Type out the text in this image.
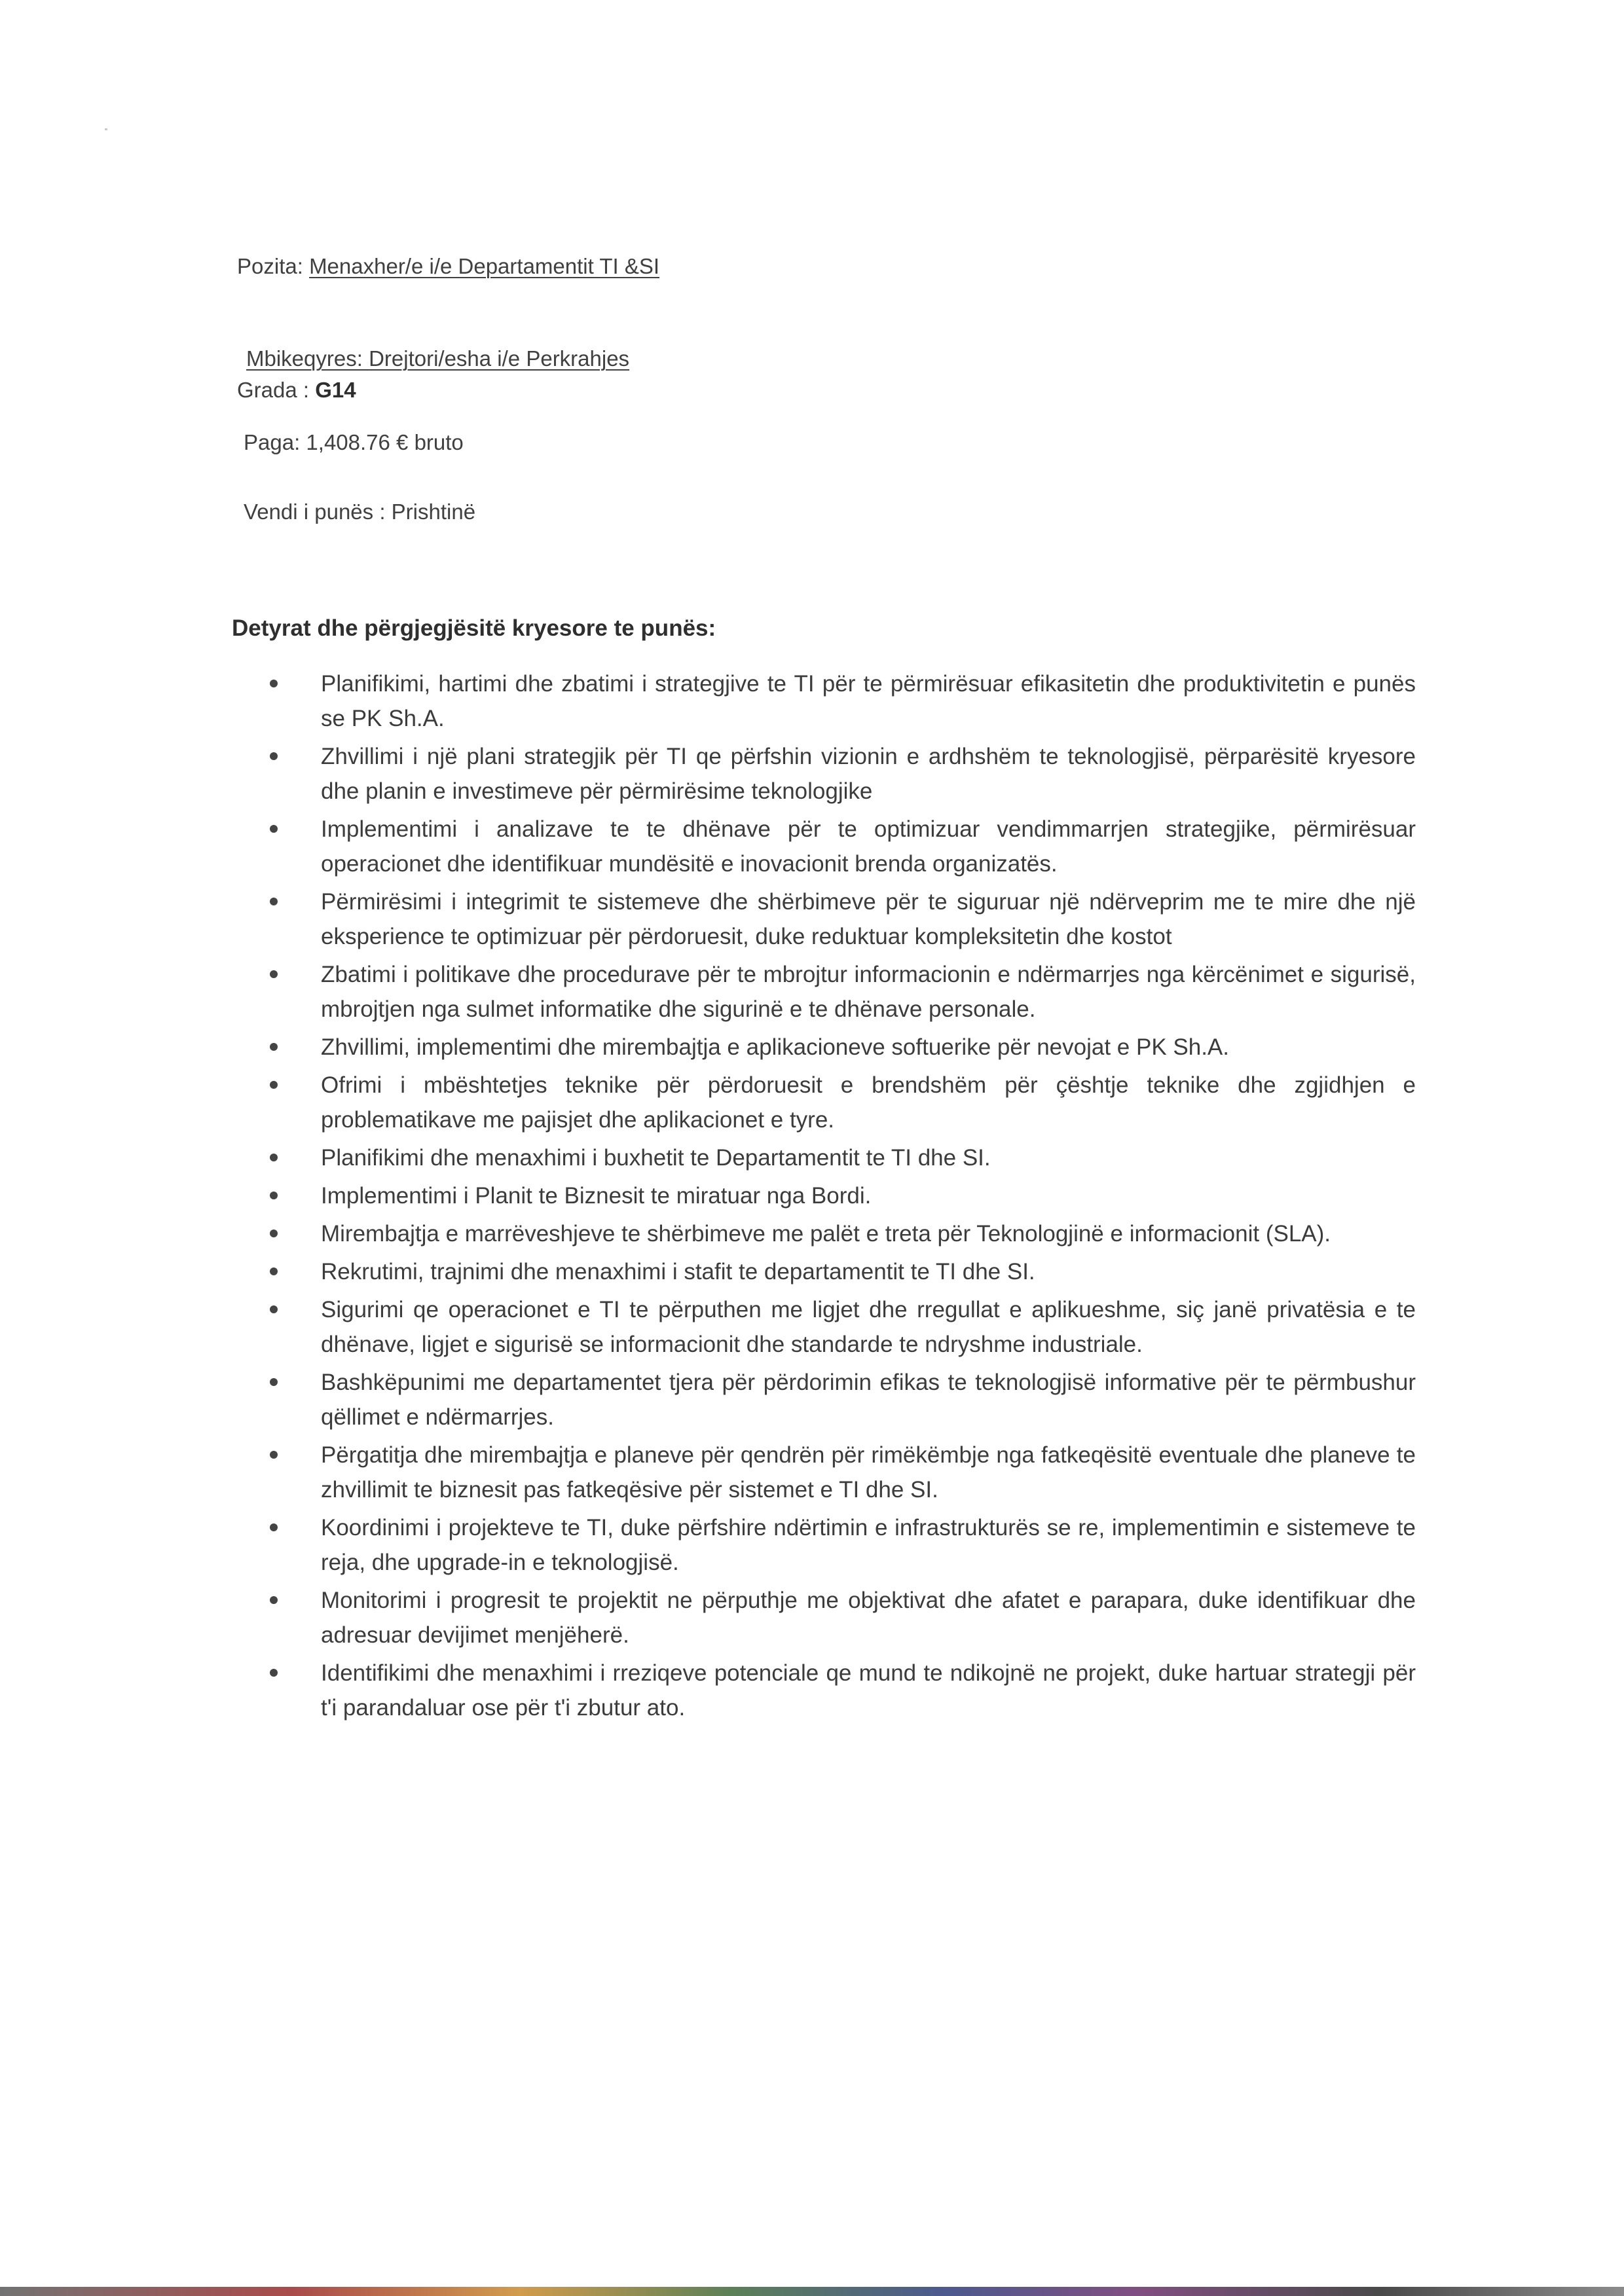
Pozita: Menaxher/e i/e Departamentit TI &SI
Mbikeqyres: Drejtori/esha i/e Perkrahjes
Grada : G14
Paga: 1,408.76 € bruto
Vendi i punës : Prishtinë
Detyrat dhe përgjegjësitë kryesore te punës:
Planifikimi, hartimi dhe zbatimi i strategjive te TI për te përmirësuar efikasitetin dhe produktivitetin e punës se PK Sh.A.
Zhvillimi i një plani strategjik për TI qe përfshin vizionin e ardhshëm te teknologjisë, përparësitë kryesore dhe planin e investimeve për përmirësime teknologjike
Implementimi i analizave te te dhënave për te optimizuar vendimmarrjen strategjike, përmirësuar operacionet dhe identifikuar mundësitë e inovacionit brenda organizatës.
Përmirësimi i integrimit te sistemeve dhe shërbimeve për te siguruar një ndërveprim me te mire dhe një eksperience te optimizuar për përdoruesit, duke reduktuar kompleksitetin dhe kostot
Zbatimi i politikave dhe procedurave për te mbrojtur informacionin e ndërmarrjes nga kërcënimet e sigurisë, mbrojtjen nga sulmet informatike dhe sigurinë e te dhënave personale.
Zhvillimi, implementimi dhe mirembajtja e aplikacioneve softuerike për nevojat e PK Sh.A.
Ofrimi i mbështetjes teknike për përdoruesit e brendshëm për çështje teknike dhe zgjidhjen e problematikave me pajisjet dhe aplikacionet e tyre.
Planifikimi dhe menaxhimi i buxhetit te Departamentit te TI dhe SI.
Implementimi i Planit te Biznesit te miratuar nga Bordi.
Mirembajtja e marrëveshjeve te shërbimeve me palët e treta për Teknologjinë e informacionit (SLA).
Rekrutimi, trajnimi dhe menaxhimi i stafit te departamentit te TI dhe SI.
Sigurimi qe operacionet e TI te përputhen me ligjet dhe rregullat e aplikueshme, siç janë privatësia e te dhënave, ligjet e sigurisë se informacionit dhe standarde te ndryshme industriale.
Bashkëpunimi me departamentet tjera për përdorimin efikas te teknologjisë informative për te përmbushur qëllimet e ndërmarrjes.
Përgatitja dhe mirembajtja e planeve për qendrën për rimëkëmbje nga fatkeqësitë eventuale dhe planeve te zhvillimit te biznesit pas fatkeqësive për sistemet e TI dhe SI.
Koordinimi i projekteve te TI, duke përfshire ndërtimin e infrastrukturës se re, implementimin e sistemeve te reja, dhe upgrade-in e teknologjisë.
Monitorimi i progresit te projektit ne përputhje me objektivat dhe afatet e parapara, duke identifikuar dhe adresuar devijimet menjëherë.
Identifikimi dhe menaxhimi i rreziqeve potenciale qe mund te ndikojnë ne projekt, duke hartuar strategji për t'i parandaluar ose për t'i zbutur ato.
